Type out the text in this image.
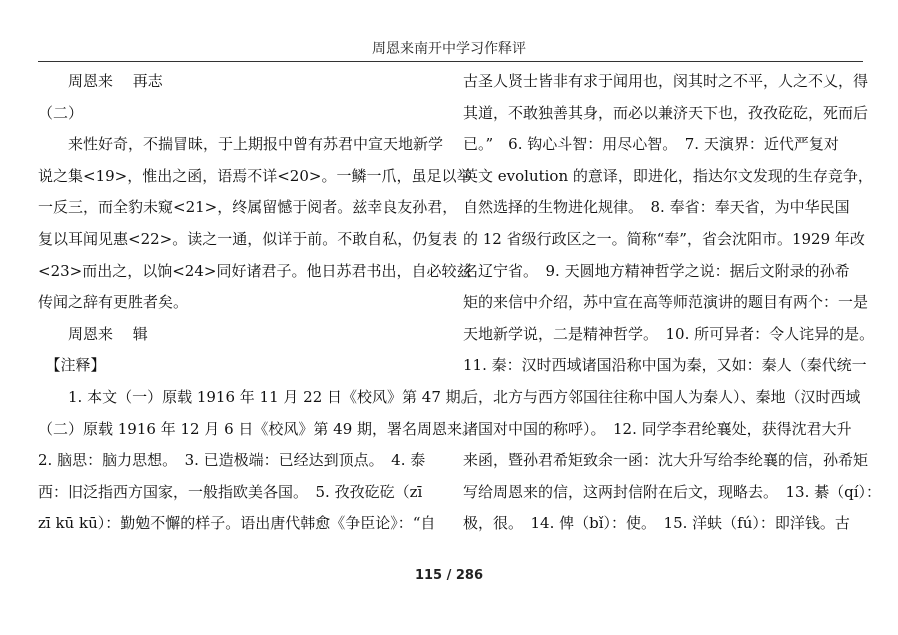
周恩来南开中学习作释评
　　周恩来　 再志
（二）
　　来性好奇，不揣冒昧，于上期报中曾有苏君中宣天地新学
说之集<19>，惟出之函，语焉不详<20>。一鳞一爪，虽足以举
一反三，而全豹未窥<21>，终属留憾于阅者。兹幸良友孙君，
复以耳闻见惠<22>。读之一通，似详于前。不敢自私，仍复表
<23>而出之，以饷<24>同好诸君子。他日苏君书出，自必较兹
传闻之辞有更胜者矣。
　　周恩来　 辑
　【注释】
　　1. 本文（一）原载 1916 年 11 月 22 日《校风》第 47 期。
（二）原载 1916 年 12 月 6 日《校风》第 49 期，署名周恩来。
2. 脑思：脑力思想。　3. 已造极端：已经达到顶点。　4. 泰
西：旧泛指西方国家，一般指欧美各国。　5. 孜孜矻矻（zī
zī kū kū）：勤勉不懈的样子。语出唐代韩愈《争臣论》：“自
古圣人贤士皆非有求于闻用也，闵其时之不平，人之不乂，得
其道，不敢独善其身，而必以兼济天下也，孜孜矻矻，死而后
已。”　6. 钩心斗智：用尽心智。　7. 天演界：近代严复对
英文 evolution 的意译，即进化，指达尔文发现的生存竞争，
自然选择的生物进化规律。　8. 奉省：奉天省，为中华民国
的 12 省级行政区之一。简称“奉”，省会沈阳市。1929 年改
名辽宁省。　9. 天圆地方精神哲学之说：据后文附录的孙希
矩的来信中介绍，苏中宣在高等师范演讲的题目有两个：一是
天地新学说，二是精神哲学。　10. 所可异者：令人诧异的是。
11. 秦：汉时西域诸国沿称中国为秦，又如：秦人（秦代统一
后，北方与西方邻国往往称中国人为秦人）、秦地（汉时西域
诸国对中国的称呼）。　12. 同学李君纶襄处，获得沈君大升
来函，暨孙君希矩致余一函：沈大升写给李纶襄的信，孙希矩
写给周恩来的信，这两封信附在后文，现略去。　13. 綦（qí）：
极，很。　14. 俾（bǐ）：使。　15. 洋蚨（fú）：即洋钱。古
115 / 286
